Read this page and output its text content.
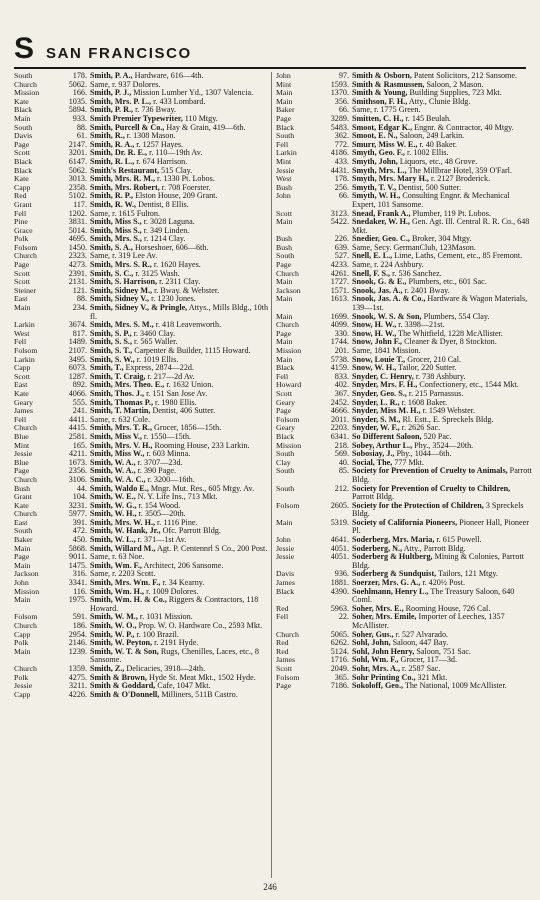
S SAN FRANCISCO
South	178. Smith, P. A., Hardware, 616—4th.
Church	5062. Same, r. 937 Dolores.
Mission	166. Smith, P. J., Mission Lumber Yd., 1307 Valencia.
Kate	1035. Smith, Mrs. P. L., r. 433 Lombard.
Black	5894. Smith, P. R., r. 736 Bway.
Main	933. Smith Premier Typewriter, 110 Mtgy.
South	88. Smith, Purcell & Co., Hay & Grain, 419—6th.
Davis	61. Smith, R., r. 1308 Mason.
Page	2147. Smith, R. A., r. 1257 Hayes.
Scott	3201. Smith, Dr. R. E., r. 110—19th Av.
Black	6147. Smith, R. L., r. 674 Harrison.
Black	5062. Smith's Restaurant, 515 Clay.
Kate	3013. Smith, Mrs. R. M., r. 1330 Pt. Lobos.
Capp	2358. Smith, Mrs. Robert, r. 708 Foerster.
Red	5102. Smith, R. P., Elston House, 209 Grant.
Grant	117. Smith, R. W., Dentist, 8 Ellis.
Fell	1202. Same, r. 1615 Fulton.
Pine	3831. Smith, Miss S., r. 3028 Laguna.
Grace	5014. Smith, Miss S., r. 349 Linden.
Polk	4695. Smith, Mrs. S., r. 1214 Clay.
Folsom	1450. Smith, S. A., Horseshoer, 606—6th.
Church	2323. Same, r. 319 Lee Av.
Page	4273. Smith, Mrs. S. R., r. 1620 Hayes.
Scott	2391. Smith, S. C., r. 3125 Wash.
Scott	2131. Smith, S. Harrison, r. 2311 Clay.
Steiner	121. Smith, Sidney M., r. Bway. & Webster.
East	88. Smith, Sidney V., r. 1230 Jones.
Main	234. Smith, Sidney V., & Pringle, Attys., Mills Bldg., 10th fl.
Larkin	3674. Smith, Mrs. S. M., r. 418 Leavenworth.
West	817. Smith, S. P., r. 3460 Clay.
Fell	1489. Smith, S. S., r. 565 Waller.
Folsom	2107. Smith, S. T., Carpenter & Builder, 1115 Howard.
Larkin	3495. Smith, S. W., r. 1019 Ellis.
Capp	6073. Smith, T., Express, 2874—22d.
Scott	1287. Smith, T. Craig, r. 217—2d Av.
East	892. Smith, Mrs. Theo. E., r. 1632 Union.
Kate	4066. Smith, Thos. J., r. 151 San Jose Av.
Geary	555. Smith, Thomas P., r. 1980 Ellis.
James	241. Smith, T. Martin, Dentist, 406 Sutter.
Fell	4411. Same, r. 632 Cole.
Church	4415. Smith, Mrs. T. R., Grocer, 1856—15th.
Blue	2581. Smith, Miss V., r. 1550—15th.
Mint	165. Smith, Mrs. V. H., Rooming House, 233 Larkin.
Jessie	4211. Smith, Miss W., r. 603 Minna.
Blue	1673. Smith, W. A., r. 3707—23d.
Page	2356. Smith, W. A., r. 390 Page.
Church	3106. Smith, W. A. C., r. 3200—16th.
Bush	44. Smith, Waldo E., Mngr. Mut. Res., 605 Mtgy. Av.
Grant	104. Smith, W. E., N. Y. Life Ins., 713 Mkt.
Kate	3231. Smith, W. G., r. 154 Wood.
Church	5977. Smith, W. H., r. 3505—20th.
East	391. Smith, Mrs. W. H., r. 1116 Pine.
South	472. Smith, W. Hank, Jr., Ofc. Parrott Bldg.
Baker	450. Smith, W. L., r. 371—1st Av.
Main	5868. Smith, Willard M., Agt. P. Centennrl S Co., 200 Post.
Page	9011. Same, r. 63 Noe.
Main	1475. Smith, Wm. F., Architect, 206 Sansome.
Jackson	316. Same, r. 2203 Scott.
John	3341. Smith, Mrs. Wm. F., r. 34 Kearny.
Mission	116. Smith, Wm. H., r. 1009 Dolores.
Main	1975. Smith, Wm. H. & Co., Riggers & Contractors, 118 Howard.
Folsom	591. Smith, W. M., r. 1031 Mission.
Church	186. Smith, W. O., Prop. W. O. Hardware Co., 2593 Mkt.
Capp	2954. Smith, W. P., r. 100 Brazil.
Polk	2146. Smith, W. Peyton, r. 2191 Hyde.
Main	1239. Smith, W. T. & Son, Rugs, Chenilles, Laces, etc., 8 Sansome.
Church	1359. Smith, Z., Delicacies, 3918—24th.
Polk	4275. Smith & Brown, Hyde St. Meat Mkt., 1502 Hyde.
Jessie	3211. Smith & Goddard, Cafe, 1047 Mkt.
Capp	4226. Smith & O'Donnell, Milliners, 511B Castro.
John	97. Smith & Osborn, Patent Solicitors, 212 Sansome.
Mint	1593. Smith & Rasmussen, Saloon, 2 Mason.
Main	1370. Smith & Young, Building Supplies, 723 Mkt.
Main	356. Smithson, F. H., Atty., Clunie Bldg.
Baker	66. Same, r. 1775 Green.
Page	3289. Smitten, C. H., r. 145 Beulah.
Black	5483. Smoot, Edgar K., Engnr. & Contractor, 40 Mtgy.
South	362. Smoot, E. N., Saloon, 249 Larkin.
Fell	772. Smurr, Miss W. E., r. 40 Baker.
Larkin	4186. Smyth, Geo. F., r. 1002 Ellis.
Mint	433. Smyth, John, Liquors, etc., 48 Grove.
Jessie	4431. Smyth, Mrs. L., The Millbrae Hotel, 359 O'Farl.
West	178. Smyth, Mrs. Mary H., r. 2127 Broderick.
Bush	256. Smyth, T. V., Dentist, 500 Sutter.
John	66. Smyth, W. H., Consulting Engnr. & Mechanical Expert, 101 Sansome.
Scott	3123. Snead, Frank A., Plumber, 119 Pt. Lobos.
Main	5422. Snedaker, W. H., Gen. Agt. Ill. Central R. R. Co., 648 Mkt.
Bush	226. Snedier, Geo. C., Broker, 304 Mtgy.
Bush	639. Same, Secy. GermanClub, 123Mason.
South	527. Snell, E. L., Lime, Laths, Cement, etc., 85 Fremont.
Page	4233. Same, r. 224 Ashbury.
Church	4261. Snell, F. S., r. 536 Sanchez.
Main	1727. Snook, G. & E., Plumbers, etc., 601 Sac.
Jackson	1571. Snook, Jas. A., r. 2401 Bway.
Main	1613. Snook, Jas. A. & Co., Hardware & Wagon Materials, 139—1st.
Main	1699. Snook, W. S. & Son, Plumbers, 554 Clay.
Church	4099. Snow, H. W., r. 3398—21st.
Page	330. Snow, H. W., The Whitfield, 1228 McAllister.
Main	1744. Snow, John F., Cleaner & Dyer, 8 Stockton.
Mission	201. Same, 1841 Mission.
Main	5738. Snow, Louie T., Grocer, 210 Cal.
Black	4159. Snow, W. H., Tailor, 220 Sutter.
Fell	833. Snyder, C. Henry, r. 738 Ashbury.
Howard	402. Snyder, Mrs. F. H., Confectionery, etc., 1544 Mkt.
Scott	367. Snyder, Geo. S., r. 215 Parnassus.
Geary	2452. Snyder, L. R., r. 1608 Baker.
Page	4666. Snyder, Miss M. H., r. 1549 Webster.
Folsom	2011. Snyder, S. M., Rl. Estt., E. Spreckels Bldg.
Geary	2203. Snyder, W. F., r. 2626 Sac.
Black	6341. So Different Saloon, 520 Pac.
Mission	218. Sobey, Arthur L., Phy., 3524—20th.
South	569. Sobosiay, J., Phy., 1044—6th.
Clay	40. Social, The, 777 Mkt.
South	85. Society for Prevention of Cruelty to Animals, Parrott Bldg.
South	212. Society for Prevention of Cruelty to Children, Parrott Bldg.
Folsom	2605. Society for the Protection of Children, 3 Spreckels Bldg.
Main	5319. Society of California Pioneers, Pioneer Hall, Pioneer Pl.
John	4641. Soderberg, Mrs. Maria, r. 615 Powell.
Jessie	4051. Soderberg, N., Atty., Parrott Bldg.
Jessie	4051. Soderberg & Hultberg, Mining & Colonies, Parrott Bldg.
Davis	936. Soderberg & Sundquist, Tailors, 121 Mtgy.
James	1881. Soerzer, Mrs. G. A., r. 420½ Post.
Black	4390. Soehlmann, Henry L., The Treasury Saloon, 640 Coml.
Red	5963. Soher, Mrs. E., Rooming House, 726 Cal.
Fell	22. Soher, Mrs. Emile, Importer of Leeches, 1357 McAllister.
Church	5065. Soher, Gus., r. 527 Alvarado.
Red	6262. Sohl, John, Saloon, 447 Bay.
Red	5124. Sohl, John Henry, Saloon, 751 Sac.
James	1716. Sohl, Wm. F., Grocer, 117—3d.
Scott	2049. Sohr, Mrs. A., r. 2587 Sac.
Folsom	365. Sohr Printing Co., 321 Mkt.
Page	7186. Sokoloff, Geo., The National, 1009 McAllister.
246
